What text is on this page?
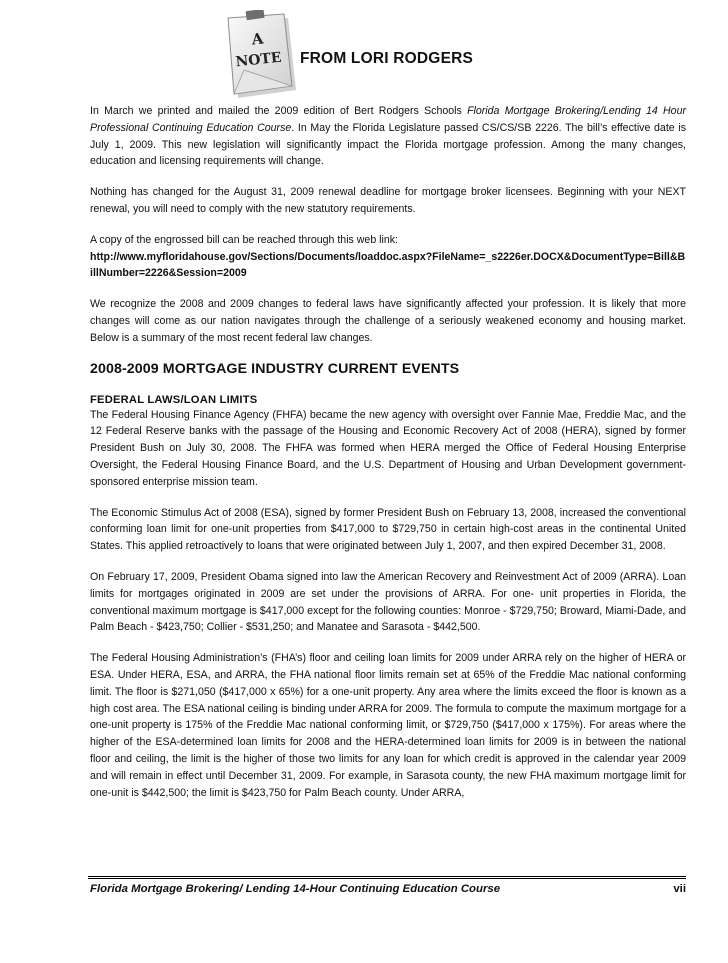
A
NOTE FROM LORI RODGERS

In March we printed and mailed the 2009 edition of Bert Rodgers Schools Florida Mortgage Brokering/Lending 14 Hour Professional Continuing Education Course. In May the Florida Legislature passed CS/CS/SB 2226. The bill’s effective date is July 1, 2009. This new legislation will significantly impact the Florida mortgage profession. Among the many changes, education and licensing requirements will change.

Nothing has changed for the August 31, 2009 renewal deadline for mortgage broker licensees. Beginning with your NEXT renewal, you will need to comply with the new statutory requirements.

A copy of the engrossed bill can be reached through this web link:
http://www.myfloridahouse.gov/Sections/Documents/loaddoc.aspx?FileName=_s2226er.DOCX&DocumentType=Bill&BillNumber=2226&Session=2009

We recognize the 2008 and 2009 changes to federal laws have significantly affected your profession. It is likely that more changes will come as our nation navigates through the challenge of a seriously weakened economy and housing market. Below is a summary of the most recent federal law changes.

2008-2009 MORTGAGE INDUSTRY CURRENT EVENTS
FEDERAL LAWS/LOAN LIMITS

The Federal Housing Finance Agency (FHFA) became the new agency with oversight over Fannie Mae, Freddie Mac, and the 12 Federal Reserve banks with the passage of the Housing and Economic Recovery Act of 2008 (HERA), signed by former President Bush on July 30, 2008. The FHFA was formed when HERA merged the Office of Federal Housing Enterprise Oversight, the Federal Housing Finance Board, and the U.S. Department of Housing and Urban Development government-sponsored enterprise mission team.

The Economic Stimulus Act of 2008 (ESA), signed by former President Bush on February 13, 2008, increased the conventional conforming loan limit for one-unit properties from $417,000 to $729,750 in certain high-cost areas in the continental United States. This applied retroactively to loans that were originated between July 1, 2007, and then expired December 31, 2008.

On February 17, 2009, President Obama signed into law the American Recovery and Reinvestment Act of 2009 (ARRA). Loan limits for mortgages originated in 2009 are set under the provisions of ARRA. For one- unit properties in Florida, the conventional maximum mortgage is $417,000 except for the following counties: Monroe - $729,750; Broward, Miami-Dade, and Palm Beach - $423,750; Collier - $531,250; and Manatee and Sarasota - $442,500.

The Federal Housing Administration’s (FHA’s) floor and ceiling loan limits for 2009 under ARRA rely on the higher of HERA or ESA. Under HERA, ESA, and ARRA, the FHA national floor limits remain set at 65% of the Freddie Mac national conforming limit. The floor is $271,050 ($417,000 x 65%) for a one-unit property. Any area where the limits exceed the floor is known as a high cost area. The ESA national ceiling is binding under ARRA for 2009. The formula to compute the maximum mortgage for a one-unit property is 175% of the Freddie Mac national conforming limit, or $729,750 ($417,000 x 175%). For areas where the higher of the ESA-determined loan limits for 2008 and the HERA-determined loan limits for 2009 is in between the national floor and ceiling, the limit is the higher of those two limits for any loan for which credit is approved in the calendar year 2009 and will remain in effect until December 31, 2009. For example, in Sarasota county, the new FHA maximum mortgage limit for one-unit is $442,500; the limit is $423,750 for Palm Beach county. Under ARRA,

Florida Mortgage Brokering/ Lending 14-Hour Continuing Education Course	vii
